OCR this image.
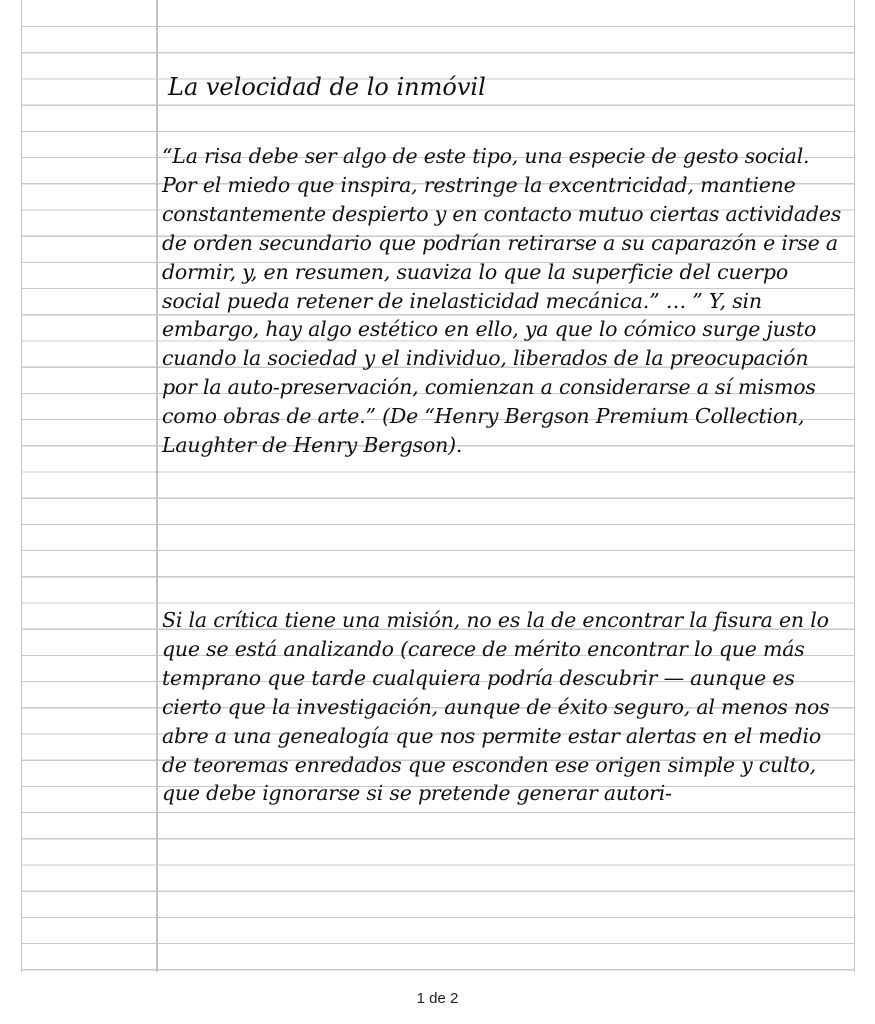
La velocidad de lo inmóvil

“La risa debe ser algo de este tipo, una especie de gesto social. Por el miedo que inspira, restringe la excentricidad, mantiene constantemente despierto y en contacto mutuo ciertas actividades de orden secundario que podrían retirarse a su caparazón e irse a dormir, y, en resumen, suaviza lo que la superficie del cuerpo social pueda retener de inelasticidad mecánica.” … ” Y, sin embargo, hay algo estético en ello, ya que lo cómico surge justo cuando la sociedad y el individuo, liberados de la preocupación por la auto-preservación, comienzan a considerarse a sí mismos como obras de arte.” (De “Henry Bergson Premium Collection, Laughter de Henry Bergson).

Si la crítica tiene una misión, no es la de encontrar la fisura en lo que se está analizando (carece de mérito encontrar lo que más temprano que tarde cualquiera podría descubrir — aunque es cierto que la investigación, aunque de éxito seguro, al menos nos abre a una genealogía que nos permite estar alertas en el medio de teoremas enredados que esconden ese origen simple y culto, que debe ignorarse si se pretende generar autori-

1 de 2
